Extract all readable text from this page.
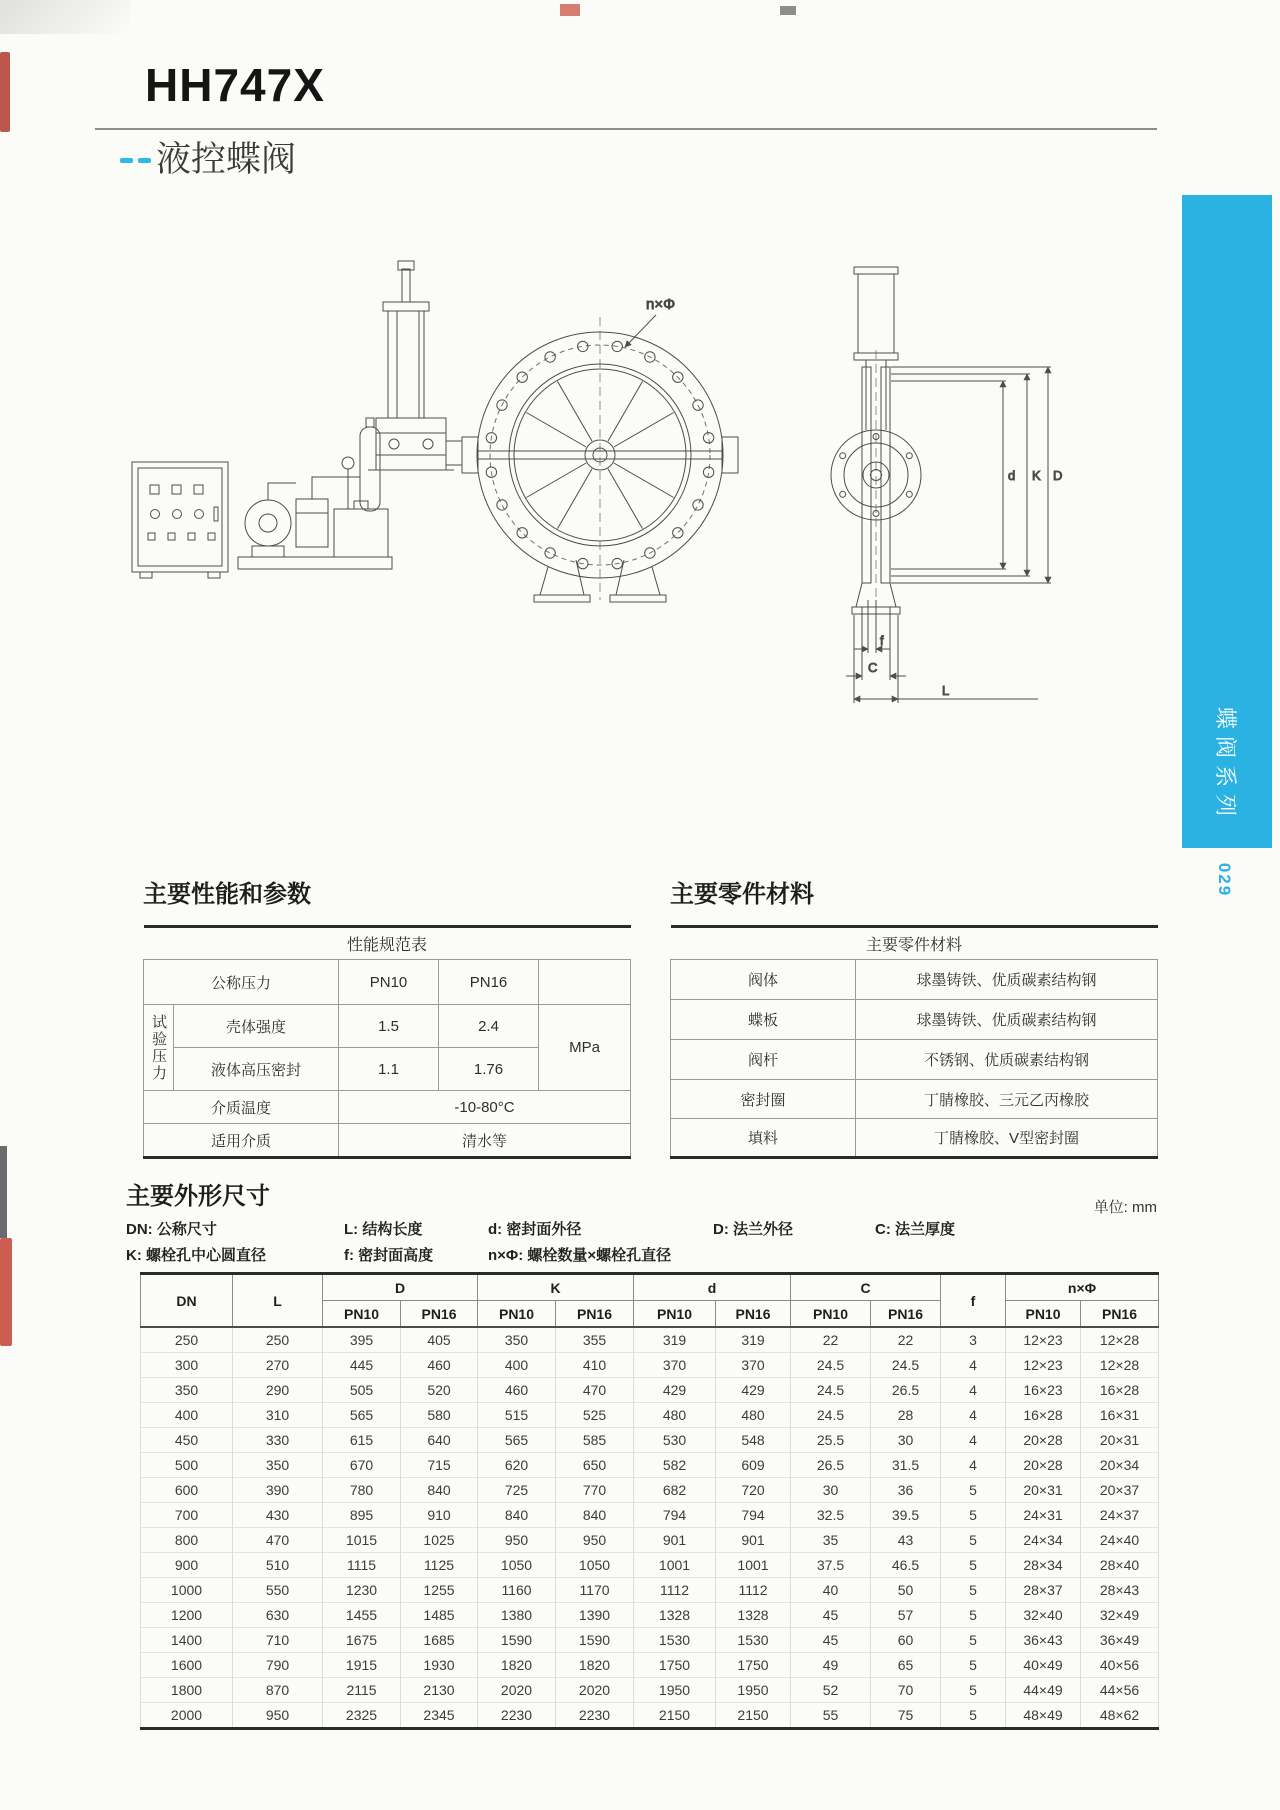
HH747X
液控蝶阀
蝶阀系列
029
n×Φ
d K D
f
C
L
主要性能和参数	主要零件材料
性能规范表				
公称压力		PN10	PN16	
试验压力	壳体强度	1.5	2.4	MPa
	液体高压密封	1.1	1.76	
介质温度		-10-80°C		
适用介质		清水等		
主要零件材料	
阀体	球墨铸铁、优质碳素结构钢
蝶板	球墨铸铁、优质碳素结构钢
阀杆	不锈钢、优质碳素结构钢
密封圈	丁腈橡胶、三元乙丙橡胶
填料	丁腈橡胶、V型密封圈
主要外形尺寸	单位: mm
DN: 公称尺寸	L: 结构长度	d: 密封面外径	D: 法兰外径	C: 法兰厚度
K: 螺栓孔中心圆直径	f: 密封面高度	n×Φ: 螺栓数量×螺栓孔直径
DN	L	D		K		d		C		f	n×Φ	
		PN10	PN16	PN10	PN16	PN10	PN16	PN10	PN16		PN10	PN16
250	250	395	405	350	355	319	319	22	22	3	12×23	12×28
300	270	445	460	400	410	370	370	24.5	24.5	4	12×23	12×28
350	290	505	520	460	470	429	429	24.5	26.5	4	16×23	16×28
400	310	565	580	515	525	480	480	24.5	28	4	16×28	16×31
450	330	615	640	565	585	530	548	25.5	30	4	20×28	20×31
500	350	670	715	620	650	582	609	26.5	31.5	4	20×28	20×34
600	390	780	840	725	770	682	720	30	36	5	20×31	20×37
700	430	895	910	840	840	794	794	32.5	39.5	5	24×31	24×37
800	470	1015	1025	950	950	901	901	35	43	5	24×34	24×40
900	510	1115	1125	1050	1050	1001	1001	37.5	46.5	5	28×34	28×40
1000	550	1230	1255	1160	1170	1112	1112	40	50	5	28×37	28×43
1200	630	1455	1485	1380	1390	1328	1328	45	57	5	32×40	32×49
1400	710	1675	1685	1590	1590	1530	1530	45	60	5	36×43	36×49
1600	790	1915	1930	1820	1820	1750	1750	49	65	5	40×49	40×56
1800	870	2115	2130	2020	2020	1950	1950	52	70	5	44×49	44×56
2000	950	2325	2345	2230	2230	2150	2150	55	75	5	48×49	48×62
